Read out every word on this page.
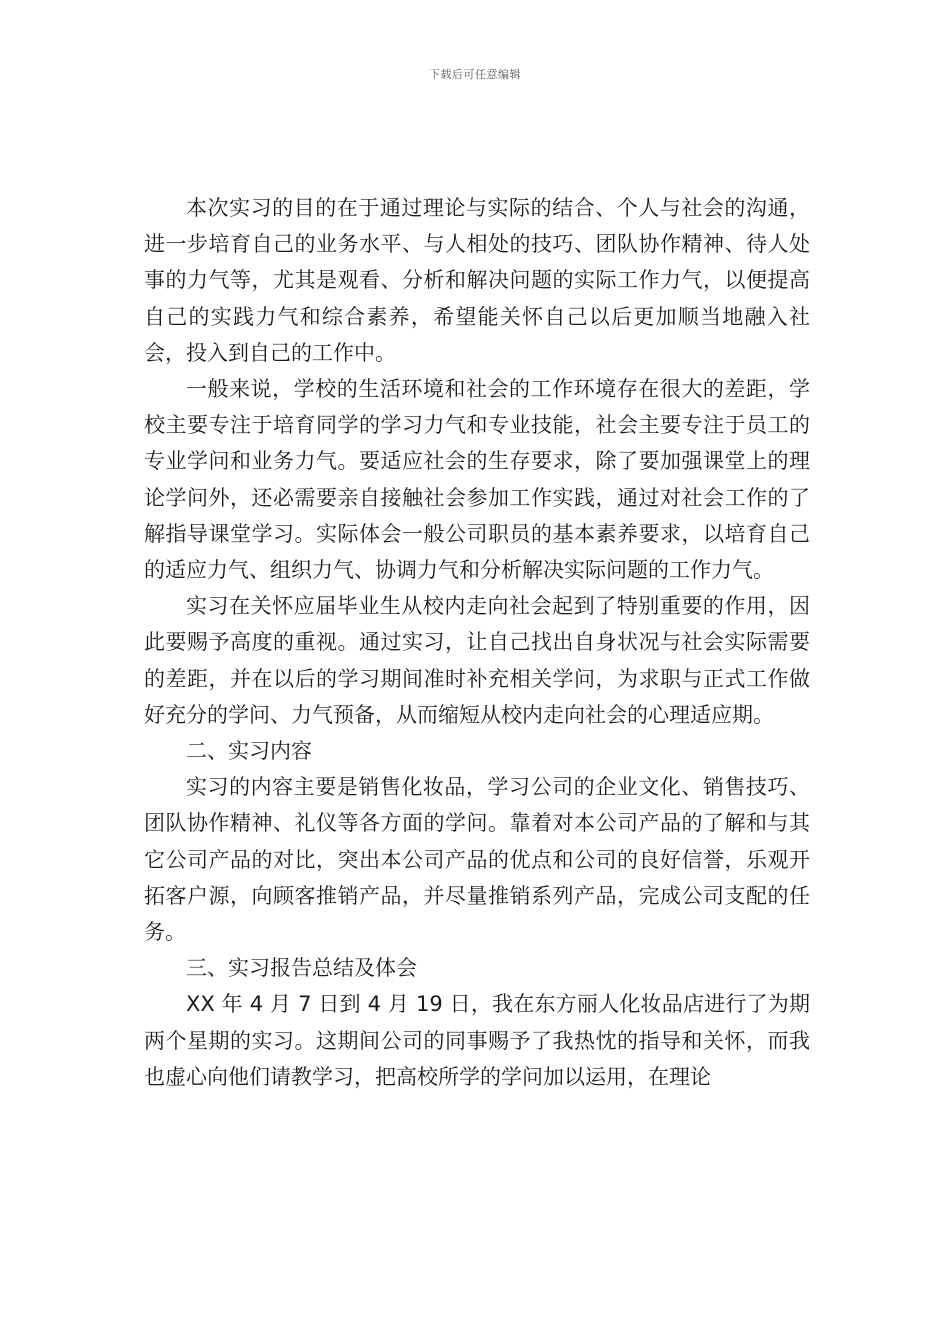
下载后可任意编辑

本次实习的目的在于通过理论与实际的结合、个人与社会的沟通，进一步培育自己的业务水平、与人相处的技巧、团队协作精神、待人处事的力气等，尤其是观看、分析和解决问题的实际工作力气，以便提高自己的实践力气和综合素养，希望能关怀自己以后更加顺当地融入社会，投入到自己的工作中。

一般来说，学校的生活环境和社会的工作环境存在很大的差距，学校主要专注于培育同学的学习力气和专业技能，社会主要专注于员工的专业学问和业务力气。要适应社会的生存要求，除了要加强课堂上的理论学问外，还必需要亲自接触社会参加工作实践，通过对社会工作的了解指导课堂学习。实际体会一般公司职员的基本素养要求，以培育自己的适应力气、组织力气、协调力气和分析解决实际问题的工作力气。

实习在关怀应届毕业生从校内走向社会起到了特别重要的作用，因此要赐予高度的重视。通过实习，让自己找出自身状况与社会实际需要的差距，并在以后的学习期间准时补充相关学问，为求职与正式工作做好充分的学问、力气预备，从而缩短从校内走向社会的心理适应期。

二、实习内容

实习的内容主要是销售化妆品，学习公司的企业文化、销售技巧、团队协作精神、礼仪等各方面的学问。靠着对本公司产品的了解和与其它公司产品的对比，突出本公司产品的优点和公司的良好信誉，乐观开拓客户源，向顾客推销产品，并尽量推销系列产品，完成公司支配的任务。

三、实习报告总结及体会

XX 年 4 月 7 日到 4 月 19 日，我在东方丽人化妆品店进行了为期两个星期的实习。这期间公司的同事赐予了我热忱的指导和关怀，而我也虚心向他们请教学习，把高校所学的学问加以运用，在理论
